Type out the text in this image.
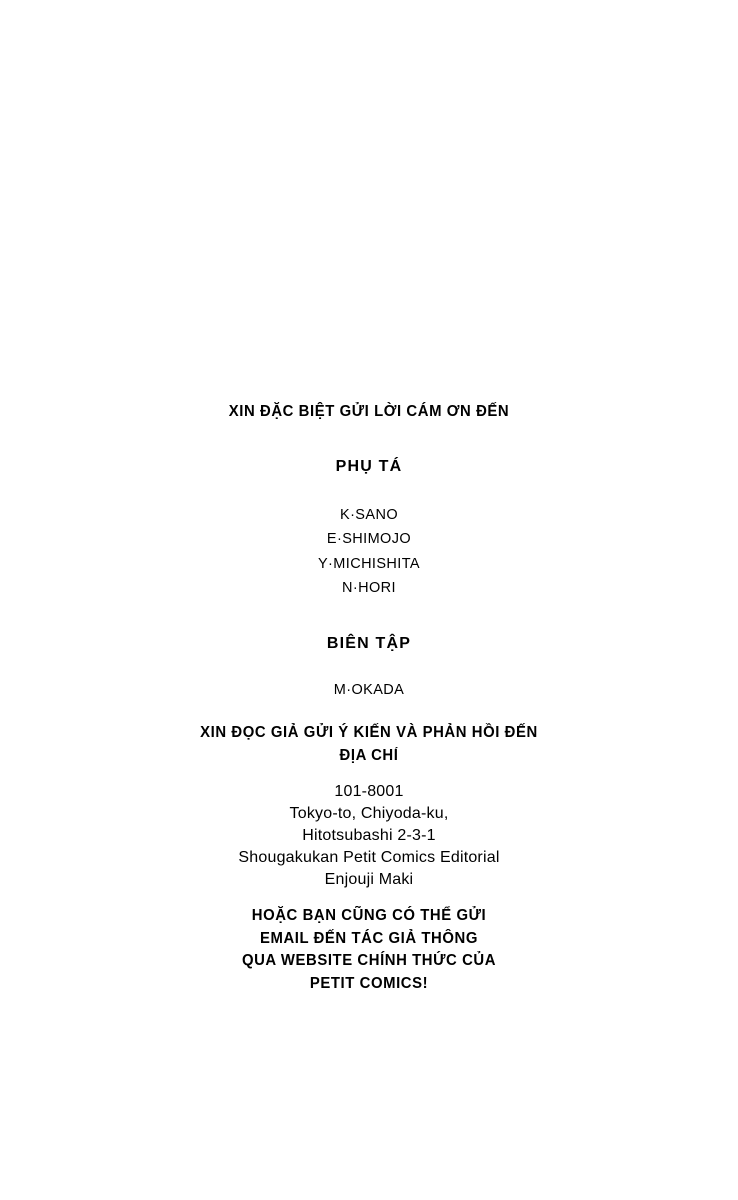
XIN ĐẶC BIỆT GỬI LỜI CÁM ƠN ĐẾN
PHỤ TÁ
K·SANO
E·SHIMOJO
Y·MICHISHITA
N·HORI
BIÊN TẬP
M·OKADA
XIN ĐỌC GIẢ GỬI Ý KIẾN VÀ PHẢN HỒI ĐẾN
ĐỊA CHỈ
101-8001
Tokyo-to, Chiyoda-ku,
Hitotsubashi 2-3-1
Shougakukan Petit Comics Editorial
Enjouji Maki
HOẶC BẠN CŨNG CÓ THỂ GỬI
EMAIL ĐẾN TÁC GIẢ THÔNG
QUA WEBSITE CHÍNH THỨC CỦA
PETIT COMICS!
